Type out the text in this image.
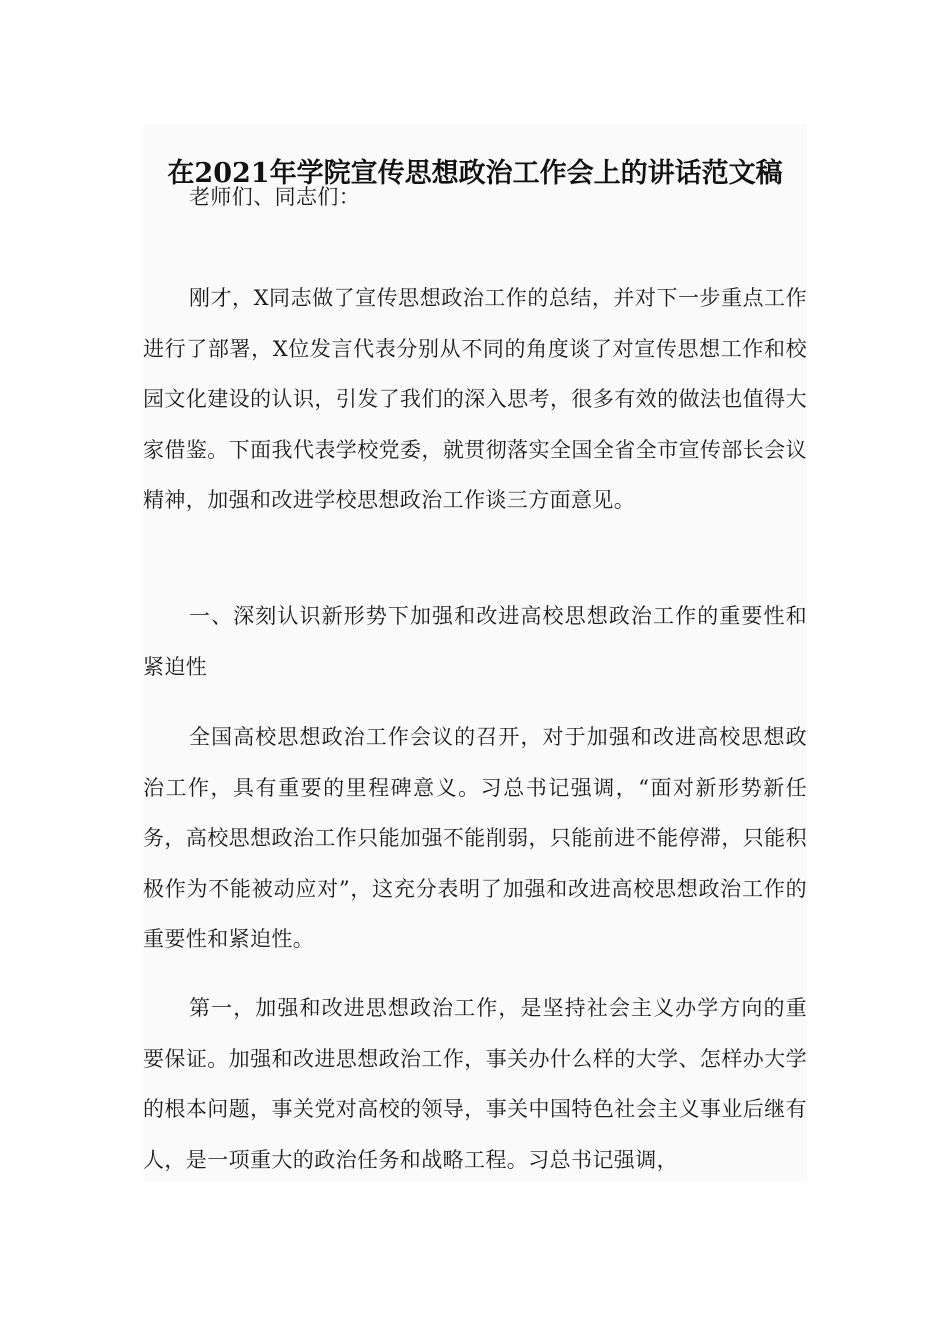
在2021年学院宣传思想政治工作会上的讲话范文稿

老师们、同志们：

刚才，X同志做了宣传思想政治工作的总结，并对下一步重点工作进行了部署，X位发言代表分别从不同的角度谈了对宣传思想工作和校园文化建设的认识，引发了我们的深入思考，很多有效的做法也值得大家借鉴。下面我代表学校党委，就贯彻落实全国全省全市宣传部长会议精神，加强和改进学校思想政治工作谈三方面意见。

一、深刻认识新形势下加强和改进高校思想政治工作的重要性和紧迫性

全国高校思想政治工作会议的召开，对于加强和改进高校思想政治工作，具有重要的里程碑意义。习总书记强调，“面对新形势新任务，高校思想政治工作只能加强不能削弱，只能前进不能停滞，只能积极作为不能被动应对”，这充分表明了加强和改进高校思想政治工作的重要性和紧迫性。

第一，加强和改进思想政治工作，是坚持社会主义办学方向的重要保证。加强和改进思想政治工作，事关办什么样的大学、怎样办大学的根本问题，事关党对高校的领导，事关中国特色社会主义事业后继有人，是一项重大的政治任务和战略工程。习总书记强调，
